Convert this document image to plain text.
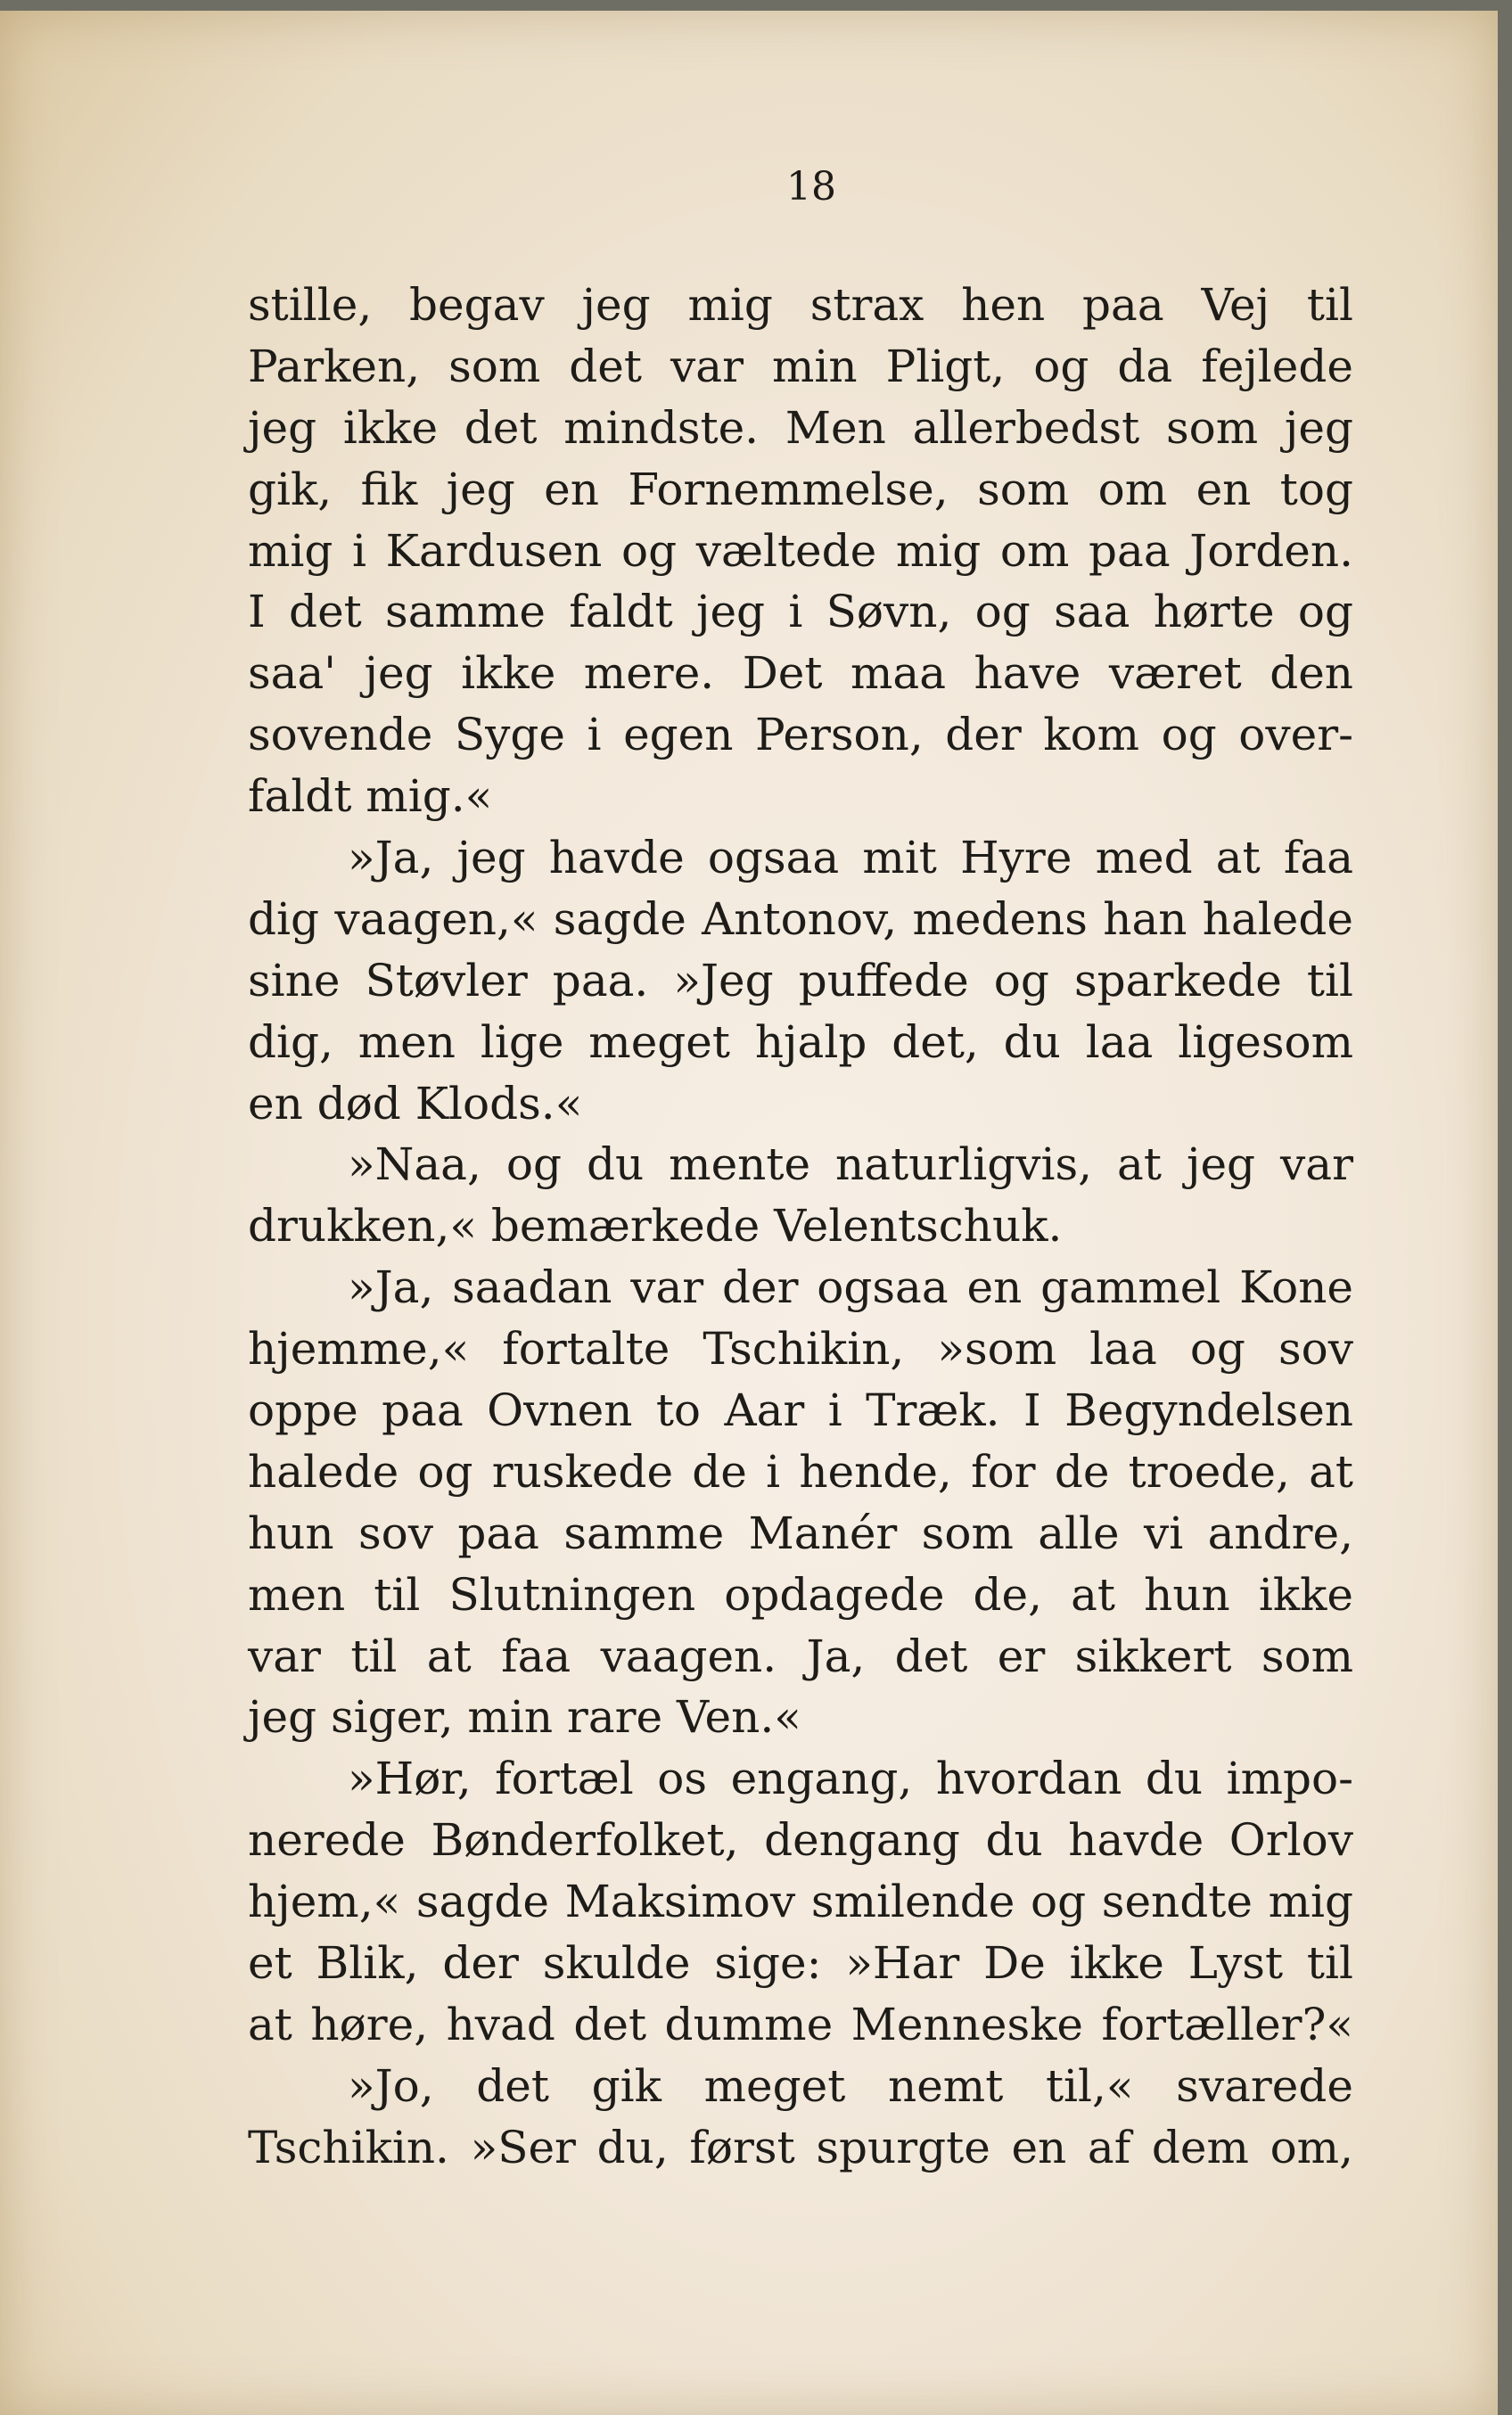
18
stille, begav jeg mig strax hen paa Vej til
Parken, som det var min Pligt, og da fejlede
jeg ikke det mindste. Men allerbedst som jeg
gik, fik jeg en Fornemmelse, som om en tog
mig i Kardusen og væltede mig om paa Jorden.
I det samme faldt jeg i Søvn, og saa hørte og
saa' jeg ikke mere. Det maa have været den
sovende Syge i egen Person, der kom og over-
faldt mig.«
»Ja, jeg havde ogsaa mit Hyre med at faa
dig vaagen,« sagde Antonov, medens han halede
sine Støvler paa. »Jeg puffede og sparkede til
dig, men lige meget hjalp det, du laa ligesom
en død Klods.«
»Naa, og du mente naturligvis, at jeg var
drukken,« bemærkede Velentschuk.
»Ja, saadan var der ogsaa en gammel Kone
hjemme,« fortalte Tschikin, »som laa og sov
oppe paa Ovnen to Aar i Træk. I Begyndelsen
halede og ruskede de i hende, for de troede, at
hun sov paa samme Manér som alle vi andre,
men til Slutningen opdagede de, at hun ikke
var til at faa vaagen. Ja, det er sikkert som
jeg siger, min rare Ven.«
»Hør, fortæl os engang, hvordan du impo-
nerede Bønderfolket, dengang du havde Orlov
hjem,« sagde Maksimov smilende og sendte mig
et Blik, der skulde sige: »Har De ikke Lyst til
at høre, hvad det dumme Menneske fortæller?«
»Jo, det gik meget nemt til,« svarede
Tschikin. »Ser du, først spurgte en af dem om,
